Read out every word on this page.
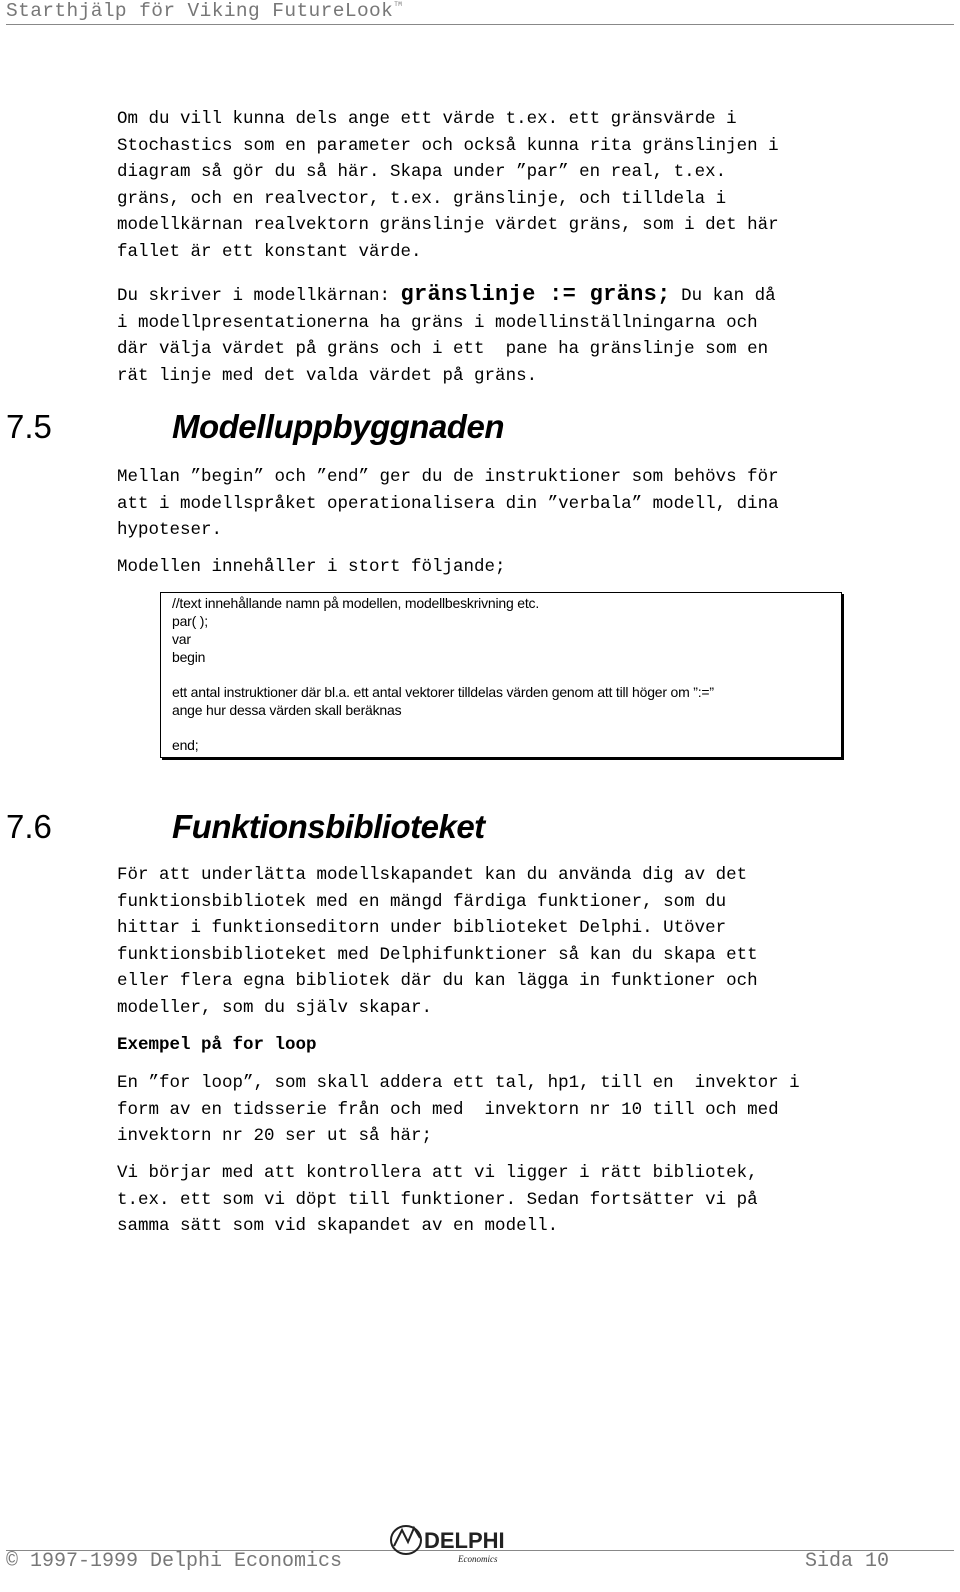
Starthjälp för Viking FutureLook™
Om du vill kunna dels ange ett värde t.ex. ett gränsvärde i
Stochastics som en parameter och också kunna rita gränslinjen i
diagram så gör du så här. Skapa under ”par” en real, t.ex.
gräns, och en realvector, t.ex. gränslinje, och tilldela i
modellkärnan realvektorn gränslinje värdet gräns, som i det här
fallet är ett konstant värde.
Du skriver i modellkärnan: gränslinje := gräns; Du kan då
i modellpresentationerna ha gräns i modellinställningarna och
där välja värdet på gräns och i ett  pane ha gränslinje som en
rät linje med det valda värdet på gräns.
7.5	Modelluppbyggnaden
Mellan ”begin” och ”end” ger du de instruktioner som behövs för
att i modellspråket operationalisera din ”verbala” modell, dina
hypoteser.
Modellen innehåller i stort följande;
//text innehållande namn på modellen, modellbeskrivning etc.
par( );
var
begin
ett antal instruktioner där bl.a. ett antal vektorer tilldelas värden genom att till höger om ”:=”
ange hur dessa värden skall beräknas
end;
7.6	Funktionsbiblioteket
För att underlätta modellskapandet kan du använda dig av det
funktionsbibliotek med en mängd färdiga funktioner, som du
hittar i funktionseditorn under biblioteket Delphi. Utöver
funktionsbiblioteket med Delphifunktioner så kan du skapa ett
eller flera egna bibliotek där du kan lägga in funktioner och
modeller, som du själv skapar.
Exempel på for loop
En ”for loop”, som skall addera ett tal, hp1, till en  invektor i
form av en tidsserie från och med  invektorn nr 10 till och med
invektorn nr 20 ser ut så här;
Vi börjar med att kontrollera att vi ligger i rätt bibliotek,
t.ex. ett som vi döpt till funktioner. Sedan fortsätter vi på
samma sätt som vid skapandet av en modell.
© 1997-1999 Delphi Economics
DELPHI
Economics	Sida 10
